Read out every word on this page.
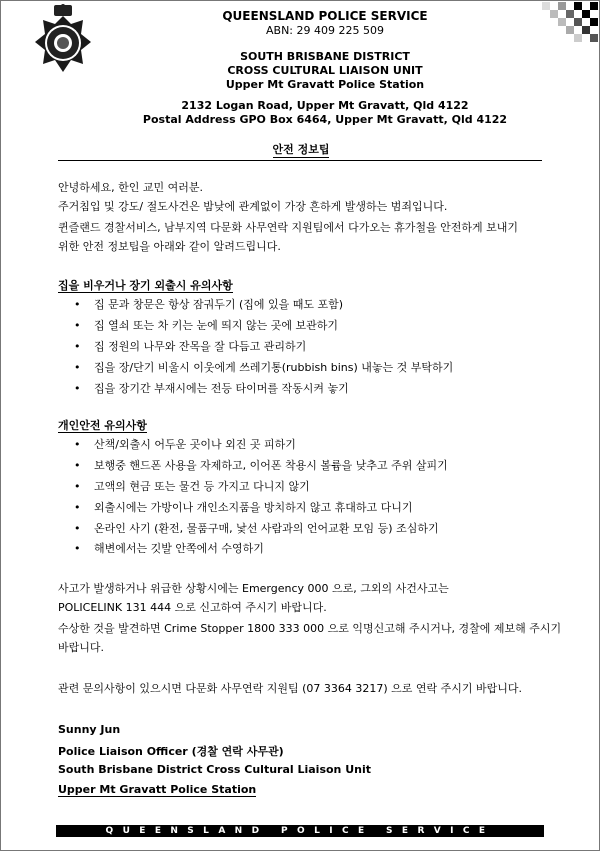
QUEENSLAND POLICE SERVICE
ABN: 29 409 225 509
SOUTH BRISBANE DISTRICT
CROSS CULTURAL LIAISON UNIT
Upper Mt Gravatt Police Station
2132 Logan Road, Upper Mt Gravatt, Qld 4122
Postal Address GPO Box 6464, Upper Mt Gravatt, Qld 4122
안전 정보팁
안녕하세요, 한인 교민 여러분.
주거침입 및 강도/ 절도사건은 밤낮에 관계없이 가장 흔하게 발생하는 범죄입니다.
퀸즐랜드 경찰서비스, 남부지역 다문화 사무연락 지원팀에서 다가오는 휴가철을 안전하게 보내기
위한 안전 정보팁을 아래와 같이 알려드립니다.
집을 비우거나 장기 외출시 유의사항
• 집 문과 창문은 항상 잠궈두기 (집에 있을 때도 포함)
• 집 열쇠 또는 차 키는 눈에 띄지 않는 곳에 보관하기
• 집 정원의 나무와 잔목을 잘 다듬고 관리하기
• 집을 장/단기 비울시 이웃에게 쓰레기통(rubbish bins) 내놓는 것 부탁하기
• 집을 장기간 부재시에는 전등 타이머를 작동시켜 놓기
개인안전 유의사항
• 산책/외출시 어두운 곳이나 외진 곳 피하기
• 보행중 핸드폰 사용을 자제하고, 이어폰 착용시 볼륨을 낮추고 주위 살피기
• 고액의 현금 또는 물건 등 가지고 다니지 않기
• 외출시에는 가방이나 개인소지품을 방치하지 않고 휴대하고 다니기
• 온라인 사기 (환전, 물품구매, 낯선 사람과의 언어교환 모임 등) 조심하기
• 해변에서는 깃발 안쪽에서 수영하기
사고가 발생하거나 위급한 상황시에는 Emergency 000 으로, 그외의 사건사고는
POLICELINK 131 444 으로 신고하여 주시기 바랍니다.
수상한 것을 발견하면 Crime Stopper 1800 333 000 으로 익명신고해 주시거나, 경찰에 제보해 주시기
바랍니다.
관련 문의사항이 있으시면 다문화 사무연락 지원팀 (07 3364 3217) 으로 연락 주시기 바랍니다.
Sunny Jun
Police Liaison Officer (경찰 연락 사무관)
South Brisbane District Cross Cultural Liaison Unit
Upper Mt Gravatt Police Station
QUEENSLAND POLICE SERVICE
